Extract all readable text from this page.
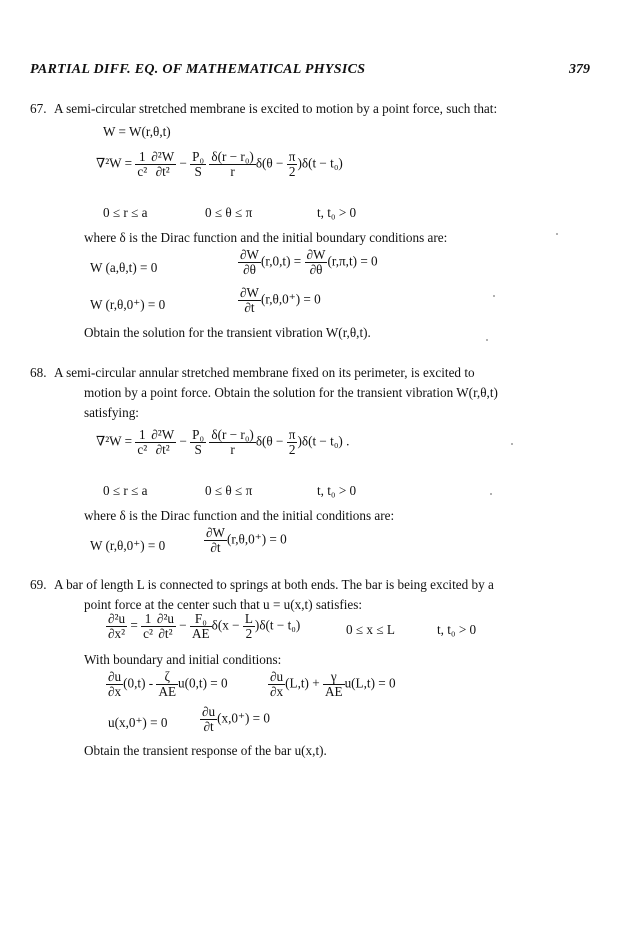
PARTIAL DIFF. EQ. OF MATHEMATICAL PHYSICS	379
67. A semi-circular stretched membrane is excited to motion by a point force, such that:
W = W(r,θ,t)
$\nabla^2W = \frac{1}{\text{c²}} \frac{\text{∂²W}}{\text{∂t²}} - \frac{\text{P₀}}{S}$
$\frac{\text{δ(r − r₀)}}{r} \delta(\theta - \frac{\pi}{2} )\delta(t - t_0)$
0 ≤ r ≤ a	0 ≤ θ ≤ π	t, t₀ > 0
where δ is the Dirac function and the initial boundary conditions are:
W (a,θ,t) = 0	$\frac{\partial W}{\partial\theta} (r,0,t) = \frac{\partial W}{\partial\theta} (r,\pi,t) = 0$
W (r,θ,0⁺) = 0	$\frac{\partial W}{\partial t} (r,\theta,0^+) = 0$
Obtain the solution for the transient vibration W(r,θ,t).
68. A semi-circular annular stretched membrane fixed on its perimeter, is excited to
motion by a point force. Obtain the solution for the transient vibration W(r,θ,t)
satisfying:
$\nabla^2W = \frac{1}{\text{c²}} \frac{\text{∂²W}}{\text{∂t²}} - \frac{\text{P₀}}{S}$
$\frac{\text{δ(r − r₀)}}{r} \delta(\theta - \frac{\pi}{2} )\delta(t - t_0)$ .
0 ≤ r ≤ a	0 ≤ θ ≤ π	t, t₀ > 0
where δ is the Dirac function and the initial conditions are:
W (r,θ,0⁺) = 0	$\frac{\partial W}{\partial t} (r,\theta,0^+) = 0$
69. A bar of length L is connected to springs at both ends. The bar is being excited by a
point force at the center such that u = u(x,t) satisfies:
$\frac{\text{∂²u}}{\text{∂x²}} = \frac{1}{\text{c²}} \frac{\text{∂²u}}{\text{∂t²}} - \frac{\text{F₀}}{AE} \delta(x - \frac{L}{2} )\delta(t - t_0)$	0 ≤ x ≤ L	t, t₀ > 0
With boundary and initial conditions:
$\frac{\partial u}{\partial x} (0,t) - \frac{\zeta}{AE} u(0,t) = 0$	$\frac{\partial u}{\partial x} (L,t) + \frac{\gamma}{AE} u(L,t) = 0$
$u(x,0^+) = 0 \frac{\partial u}{\partial t} (x,0^+) = 0$
Obtain the transient response of the bar u(x,t).
